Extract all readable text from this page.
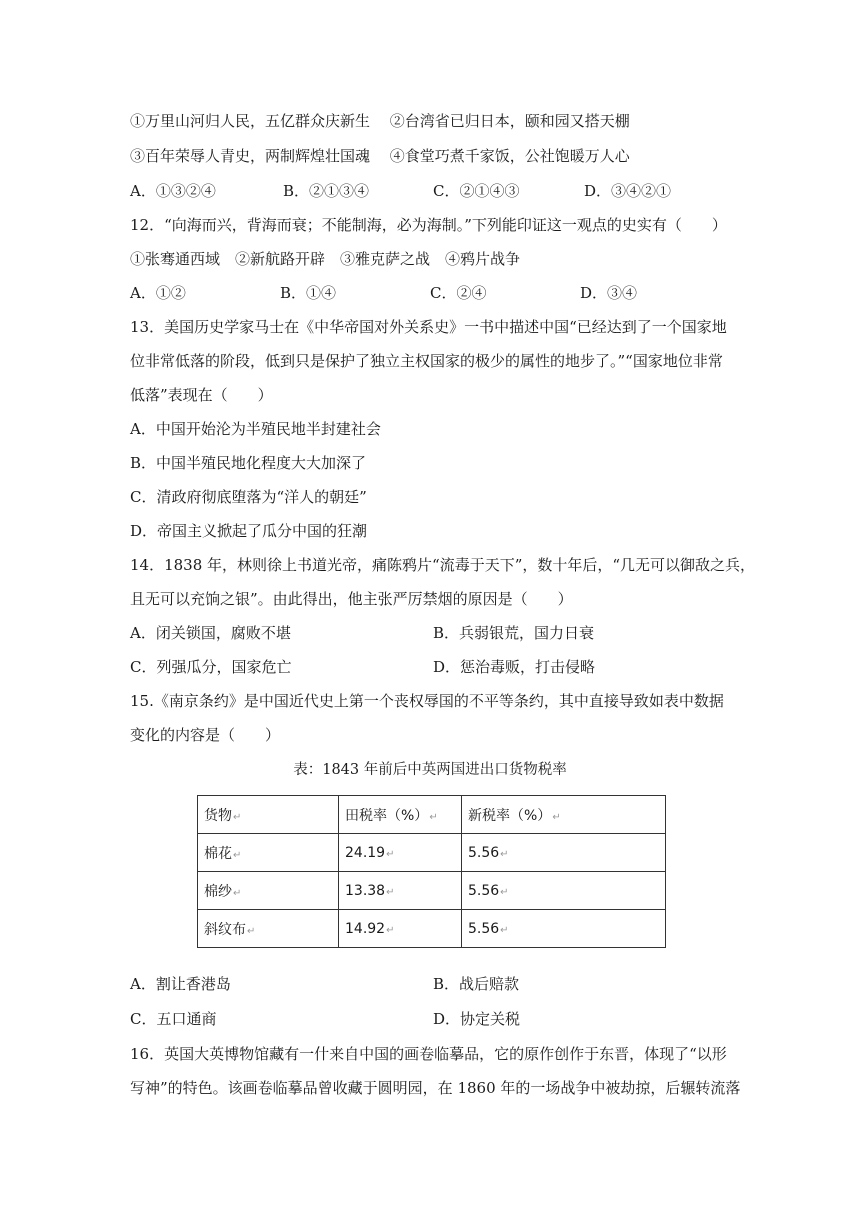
①万里山河归人民，五亿群众庆新生　 ②台湾省已归日本，颐和园又搭天棚
③百年荣辱人青史，两制辉煌壮国魂　 ④食堂巧煮千家饭，公社饱暖万人心
A．①③②④	B．②①③④	C．②①④③	D．③④②①
12．“向海而兴，背海而衰；不能制海，必为海制。”下列能印证这一观点的史实有（　　）
①张骞通西域　②新航路开辟　③雅克萨之战　④鸦片战争
A．①②	B．①④	C．②④	D．③④
13．美国历史学家马士在《中华帝国对外关系史》一书中描述中国“已经达到了一个国家地
位非常低落的阶段，低到只是保护了独立主权国家的极少的属性的地步了。”“国家地位非常
低落”表现在（　　）
A．中国开始沦为半殖民地半封建社会
B．中国半殖民地化程度大大加深了
C．清政府彻底堕落为“洋人的朝廷”
D．帝国主义掀起了瓜分中国的狂潮
14．1838 年，林则徐上书道光帝，痛陈鸦片“流毒于天下”，数十年后，“几无可以御敌之兵，
且无可以充饷之银”。由此得出，他主张严厉禁烟的原因是（　　）
A．闭关锁国，腐败不堪	B．兵弱银荒，国力日衰
C．列强瓜分，国家危亡	D．惩治毒贩，打击侵略
15.《南京条约》是中国近代史上第一个丧权辱国的不平等条约，其中直接导致如表中数据
变化的内容是（　　）
表：1843 年前后中英两国进出口货物税率
货物↵	田税率（%）↵	新税率（%）↵
棉花↵	24.19↵	5.56↵
棉纱↵	13.38↵	5.56↵
斜纹布↵	14.92↵	5.56↵
A．割让香港岛	B．战后赔款
C．五口通商	D．协定关税
16．英国大英博物馆藏有一什来自中国的画卷临摹品，它的原作创作于东晋，体现了“以形
写神”的特色。该画卷临摹品曾收藏于圆明园，在 1860 年的一场战争中被劫掠，后辗转流落
